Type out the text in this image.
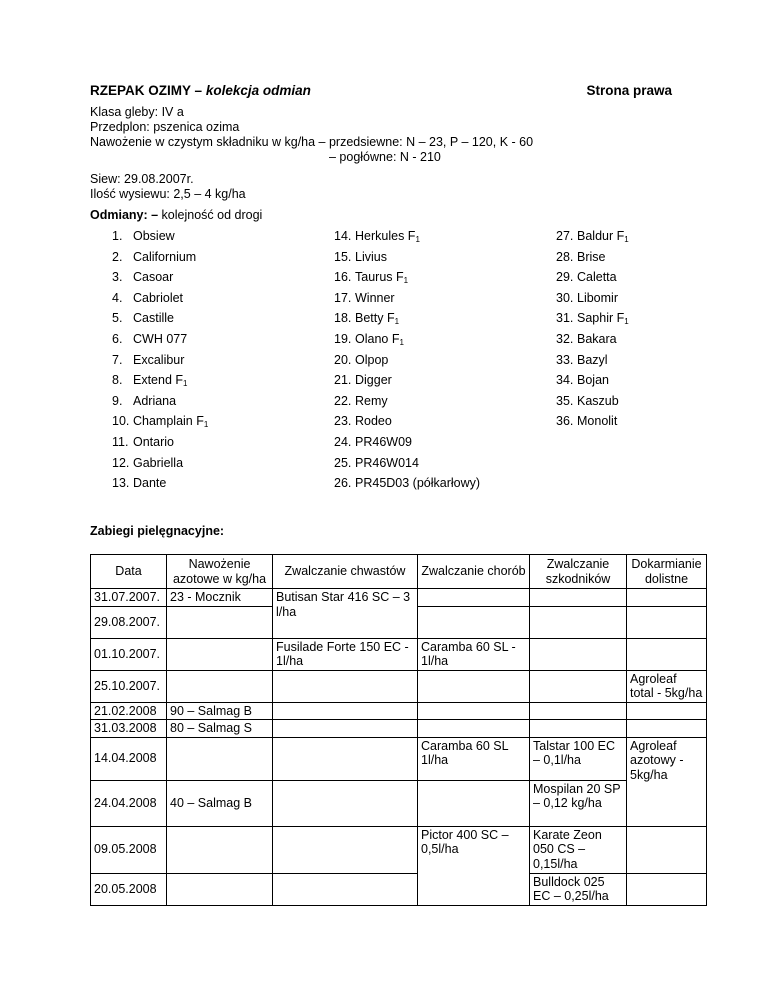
RZEPAK OZIMY – kolekcja odmian	Strona prawa
Klasa gleby: IV a
Przedplon: pszenica ozima
Nawożenie w czystym składniku w kg/ha – przedsiewne: N – 23, P – 120, K - 60
– pogłówne: N - 210
Siew: 29.08.2007r.
Ilość wysiewu: 2,5 – 4 kg/ha
Odmiany: – kolejność od drogi
1. Obsiew
2. Californium
3. Casoar
4. Cabriolet
5. Castille
6. CWH 077
7. Excalibur
8. Extend $F_1$
9. Adriana
10. Champlain $F_1$
11. Ontario
12. Gabriella
13. Dante
14. Herkules $F_1$
15. Livius
16. Taurus $F_1$
17. Winner
18. Betty $F_1$
19. Olano $F_1$
20. Olpop
21. Digger
22. Remy
23. Rodeo
24. PR46W09
25. PR46W014
26. PR45D03 (półkarłowy)
27. Baldur $F_1$
28. Brise
29. Caletta
30. Libomir
31. Saphir $F_1$
32. Bakara
33. Bazyl
34. Bojan
35. Kaszub
36. Monolit
Zabiegi pielęgnacyjne:
Data	Nawożenie azotowe w kg/ha	Zwalczanie chwastów	Zwalczanie chorób	Zwalczanie szkodników	Dokarmianie dolistne
31.07.2007.	23 - Mocznik	Butisan Star 416 SC – 3 l/ha			
29.08.2007.					
01.10.2007.		Fusilade Forte 150 EC - 1l/ha	Caramba 60 SL - 1l/ha		
25.10.2007.					Agroleaf total - 5kg/ha
21.02.2008	90 – Salmag B				
31.03.2008	80 – Salmag S				
14.04.2008			Caramba 60 SL 1l/ha	Talstar 100 EC – 0,1l/ha	Agroleaf azotowy - 5kg/ha
24.04.2008	40 – Salmag B			Mospilan 20 SP – 0,12 kg/ha	
09.05.2008			Pictor 400 SC – 0,5l/ha	Karate Zeon 050 CS – 0,15l/ha	
20.05.2008				Bulldock 025 EC – 0,25l/ha	
